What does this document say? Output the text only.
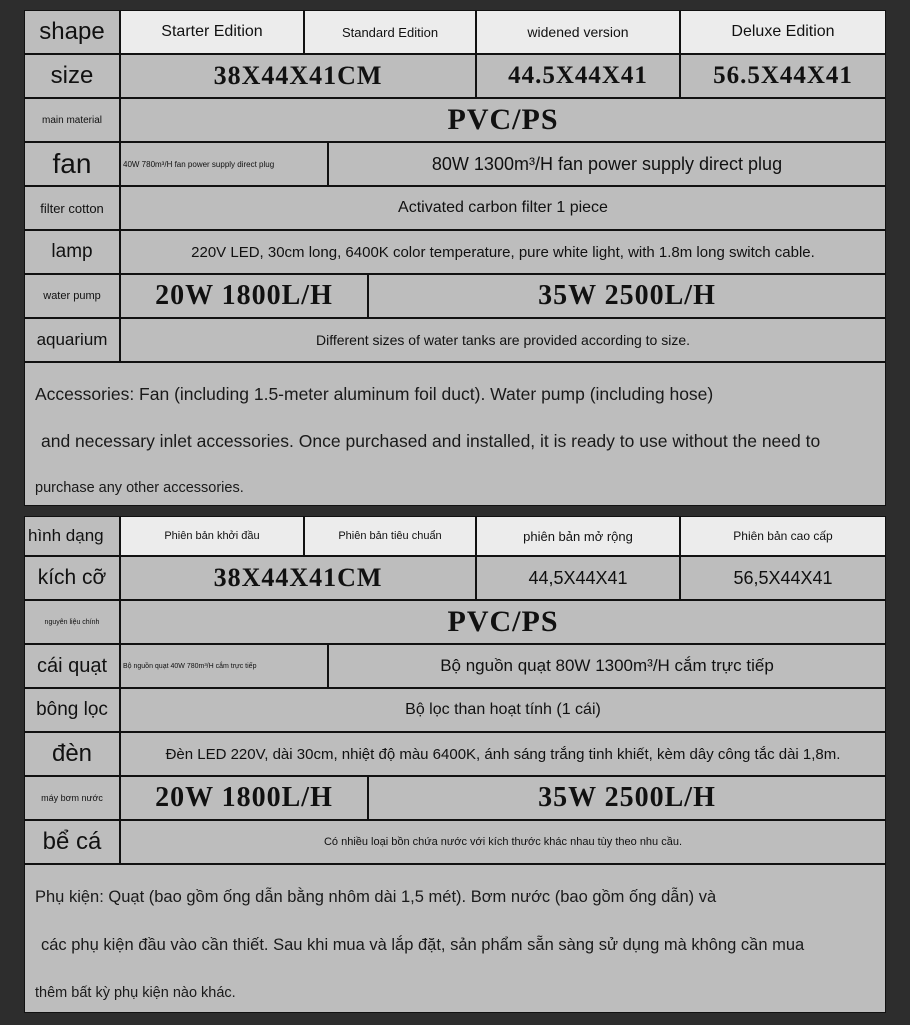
shape	Starter Edition	Standard Edition	widened version	Deluxe Edition
size	38X44X41CM	44.5X44X41	56.5X44X41
main material	PVC/PS
fan	40W 780m³/H fan power supply direct plug	80W 1300m³/H fan power supply direct plug
filter cotton	Activated carbon filter 1 piece
lamp	220V LED, 30cm long, 6400K color temperature, pure white light, with 1.8m long switch cable.
water pump	20W 1800L/H	35W 2500L/H
aquarium	Different sizes of water tanks are provided according to size.
Accessories: Fan (including 1.5-meter aluminum foil duct). Water pump (including hose)
and necessary inlet accessories. Once purchased and installed, it is ready to use without the need to
purchase any other accessories.
hình dạng	Phiên bản khởi đầu	Phiên bản tiêu chuẩn	phiên bản mở rộng	Phiên bản cao cấp
kích cỡ	38X44X41CM	44,5X44X41	56,5X44X41
nguyên liệu chính	PVC/PS
cái quạt	Bộ nguồn quạt 40W 780m³/H cắm trực tiếp	Bộ nguồn quạt 80W 1300m³/H cắm trực tiếp
bông lọc	Bộ lọc than hoạt tính (1 cái)
đèn	Đèn LED 220V, dài 30cm, nhiệt độ màu 6400K, ánh sáng trắng tinh khiết, kèm dây công tắc dài 1,8m.
máy bơm nước	20W 1800L/H	35W 2500L/H
bể cá	Có nhiều loại bồn chứa nước với kích thước khác nhau tùy theo nhu cầu.
Phụ kiện: Quạt (bao gồm ống dẫn bằng nhôm dài 1,5 mét). Bơm nước (bao gồm ống dẫn) và
các phụ kiện đầu vào cần thiết. Sau khi mua và lắp đặt, sản phẩm sẵn sàng sử dụng mà không cần mua
thêm bất kỳ phụ kiện nào khác.
